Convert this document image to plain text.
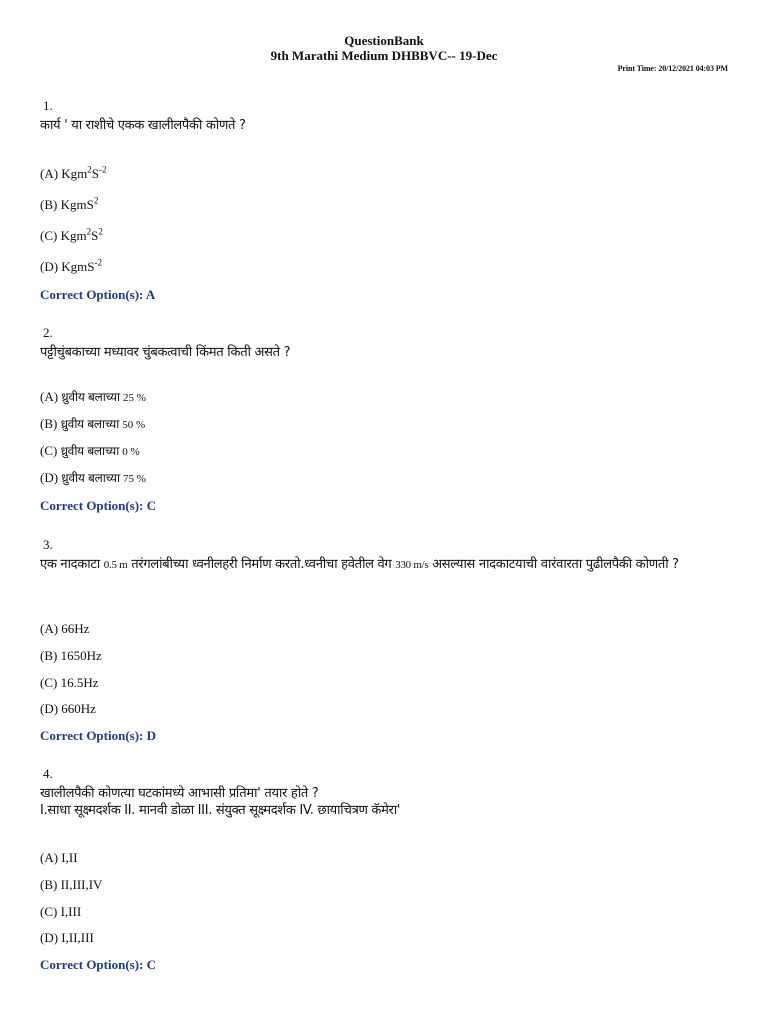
QuestionBank
9th Marathi Medium DHBBVC-- 19-Dec
Print Time: 20/12/2021 04:03 PM
1.
कार्य ' या राशीचे एकक खालीलपैकी कोणते ?
(A) $Kgm^2S^{-2}$
(B) KgmS$^2$
(C) $Kgm^2S^2$
(D) KgmS$^{-2}$
Correct Option(s): A
2.
पट्टीचुंबकाच्या मध्यावर चुंबकत्वाची किंमत किती असते ?
(A) ध्रुवीय बलाच्या 25 %
(B) ध्रुवीय बलाच्या 50 %
(C) ध्रुवीय बलाच्या 0 %
(D) ध्रुवीय बलाच्या 75 %
Correct Option(s): C
3.
एक नादकाटा 0.5 m तरंगलांबीच्या ध्वनीलहरी निर्माण करतो.ध्वनीचा हवेतील वेग 330 m/s असल्यास नादकाटयाची वारंवारता पुढीलपैकी कोणती ?
(A) 66Hz
(B) 1650Hz
(C) 16.5Hz
(D) 660Hz
Correct Option(s): D
4.
खालीलपैकी कोणत्या घटकांमध्ये आभासी प्रतिमा' तयार होते ?
I.साधा सूक्ष्मदर्शक II. मानवी डोळा III. संयुक्त सूक्ष्मदर्शक IV. छायाचित्रण कॅमेरा'
(A) I,II
(B) II,III,IV
(C) I,III
(D) I,II,III
Correct Option(s): C
